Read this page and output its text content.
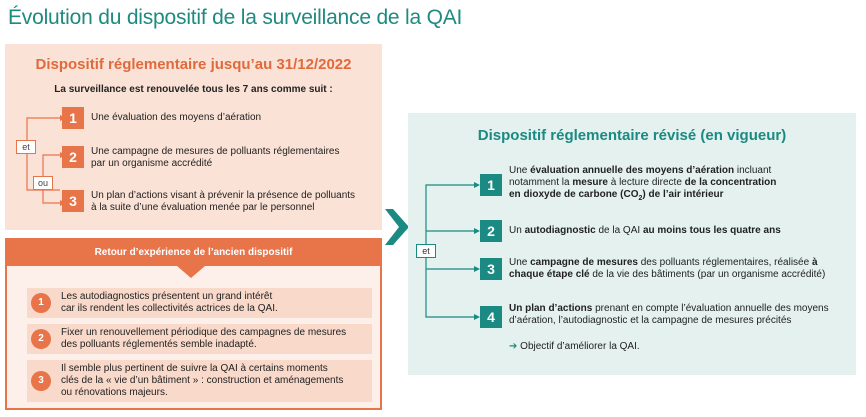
Évolution du dispositif de la surveillance de la QAI
Dispositif réglementaire jusqu’au 31/12/2022
La surveillance est renouvelée tous les 7 ans comme suit :
et
ou
1	Une évaluation des moyens d’aération
2	Une campagne de mesures de polluants réglementaires
par un organisme accrédité
3	Un plan d’actions visant à prévenir la présence de polluants
à la suite d’une évaluation menée par le personnel
Retour d’expérience de l’ancien dispositif
1
Les autodiagnostics présentent un grand intérêt
car ils rendent les collectivités actrices de la QAI.
2
Fixer un renouvellement périodique des campagnes de mesures
des polluants réglementés semble inadapté.
3
Il semble plus pertinent de suivre la QAI à certains moments
clés de la « vie d’un bâtiment » : construction et aménagements
ou rénovations majeurs.
Dispositif réglementaire révisé (en vigueur)
et
1
Une évaluation annuelle des moyens d’aération incluant
notamment la mesure à lecture directe de la concentration
en dioxyde de carbone $(CO_2)$ de l’air intérieur
2	Un autodiagnostic de la QAI au moins tous les quatre ans
3	Une campagne de mesures des polluants réglementaires, réalisée à
chaque étape clé de la vie des bâtiments (par un organisme accrédité)
4
Un plan d’actions prenant en compte l’évaluation annuelle des moyens
d’aération, l’autodiagnostic et la campagne de mesures précités
➔ Objectif d’améliorer la QAI.
